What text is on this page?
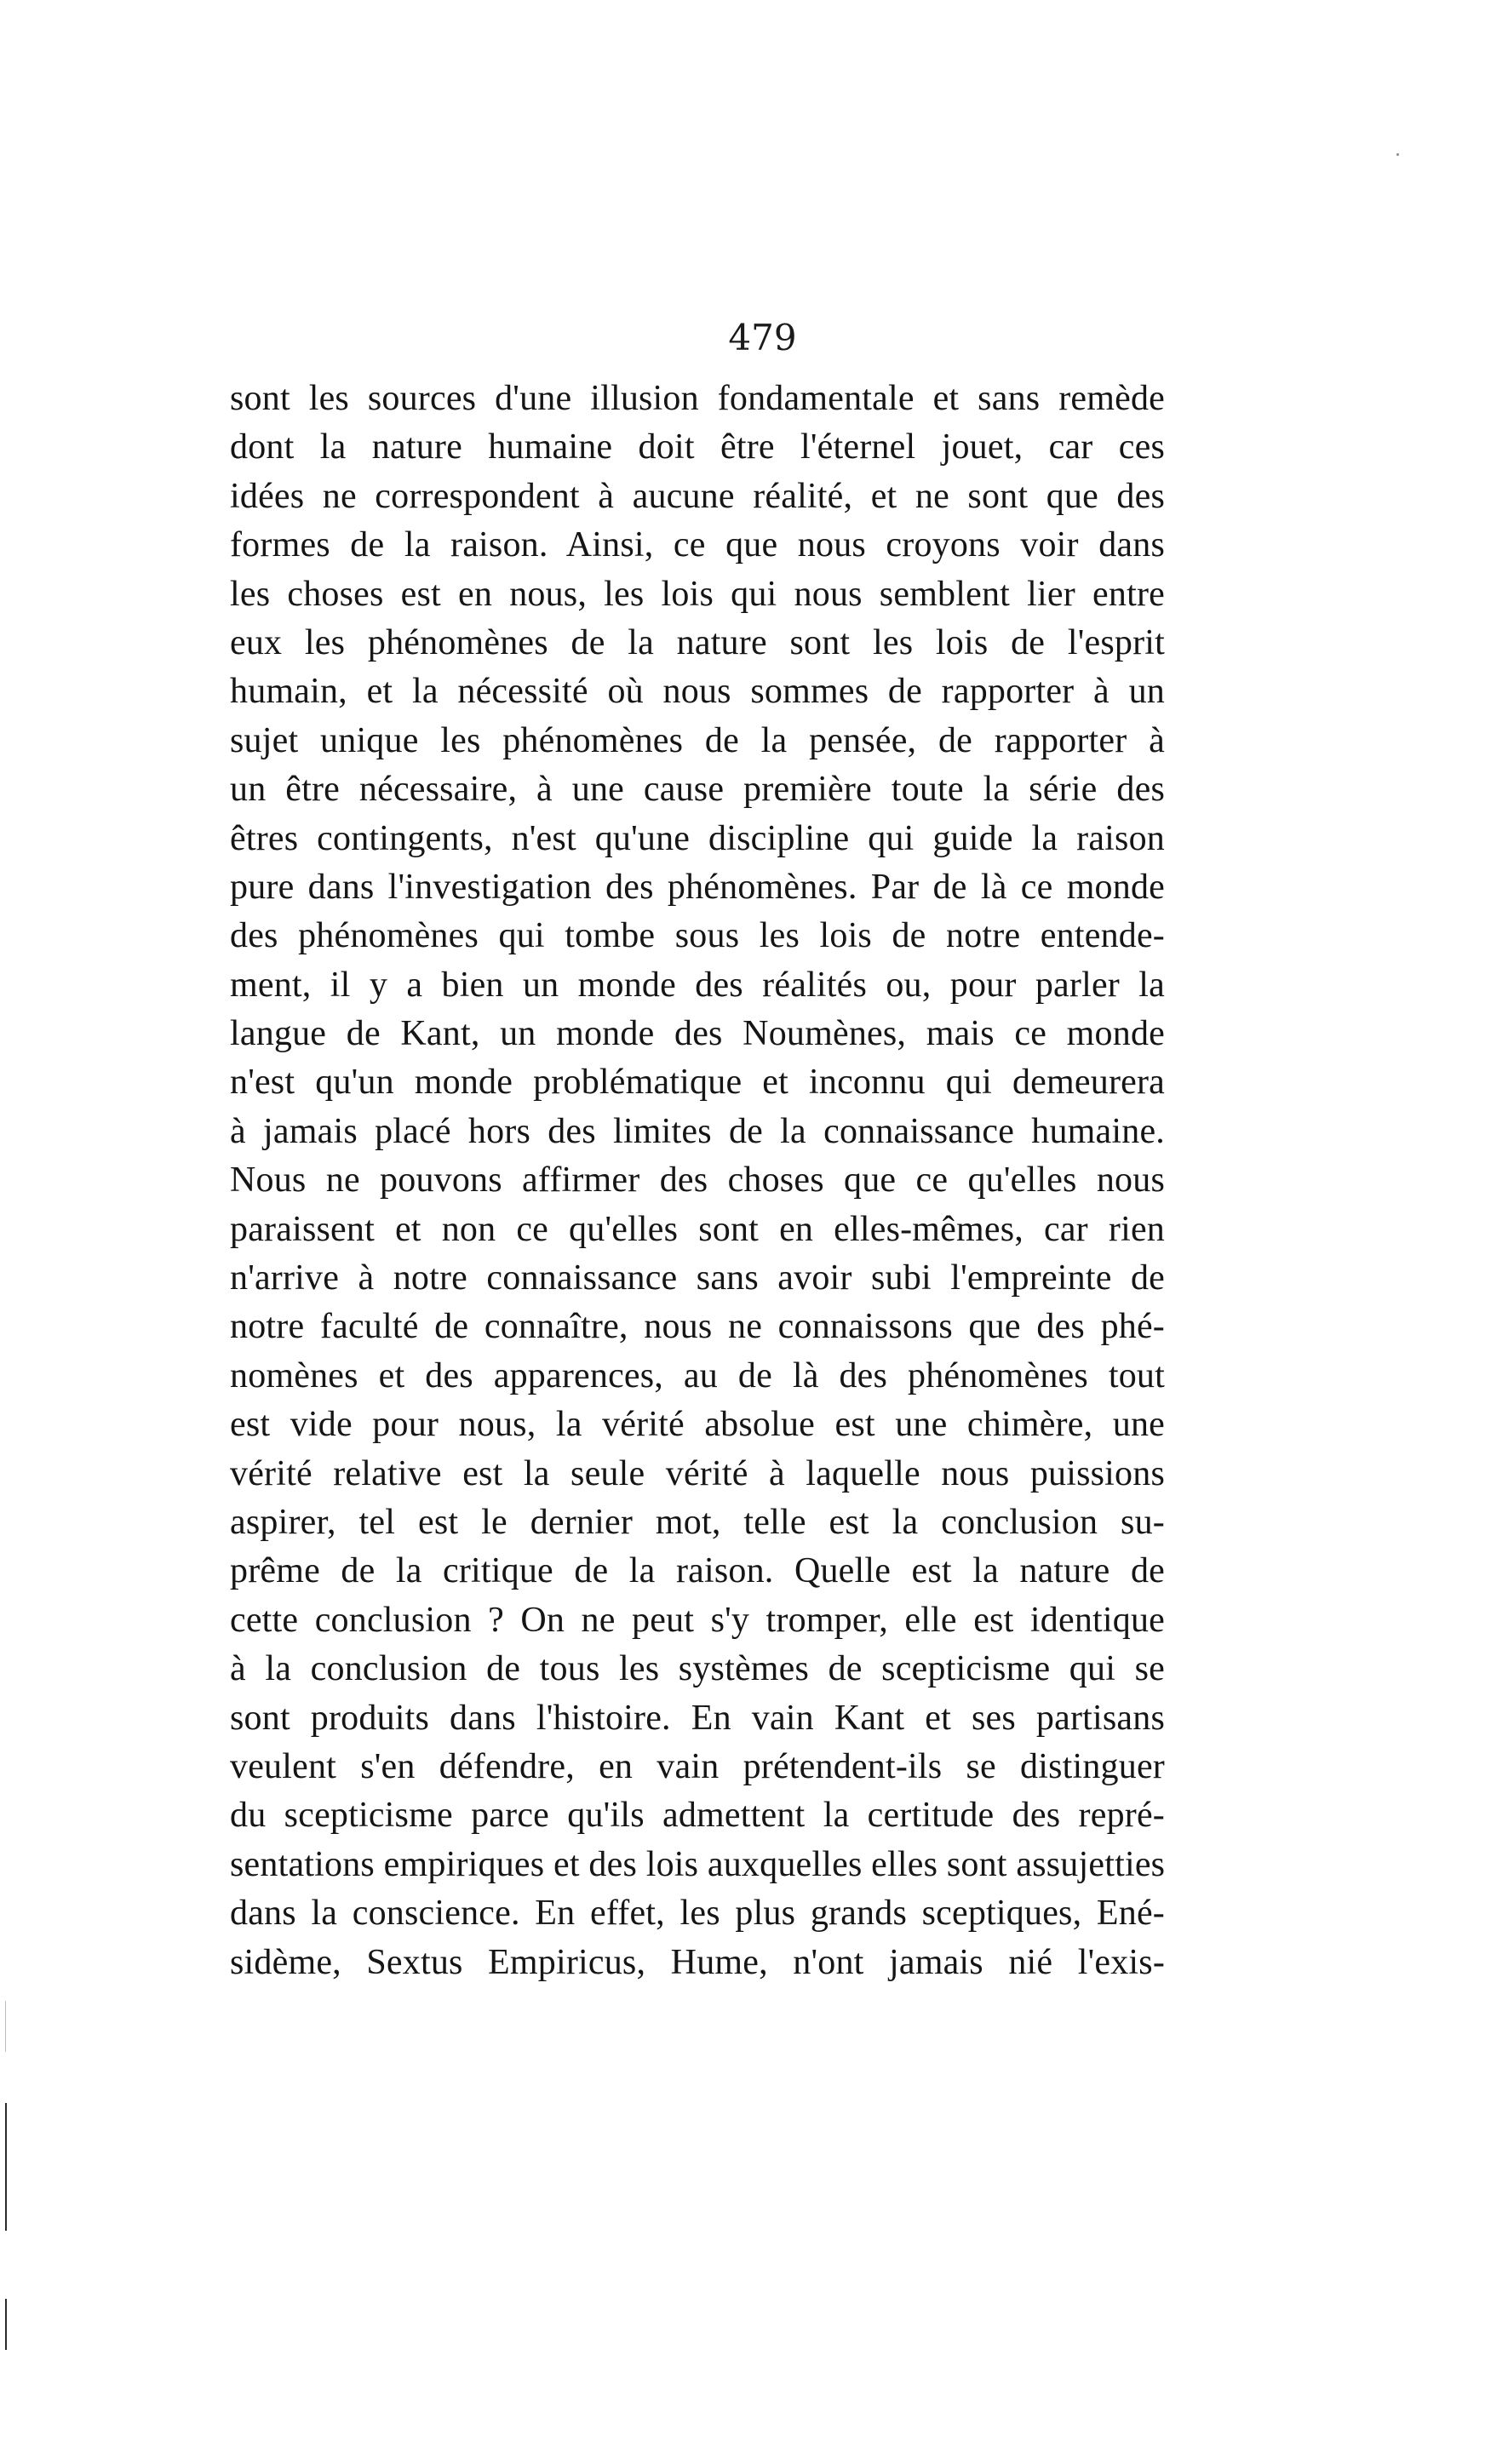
479
sont les sources d'une illusion fondamentale et sans remède
dont la nature humaine doit être l'éternel jouet, car ces
idées ne correspondent à aucune réalité, et ne sont que des
formes de la raison. Ainsi, ce que nous croyons voir dans
les choses est en nous, les lois qui nous semblent lier entre
eux les phénomènes de la nature sont les lois de l'esprit
humain, et la nécessité où nous sommes de rapporter à un
sujet unique les phénomènes de la pensée, de rapporter à
un être nécessaire, à une cause première toute la série des
êtres contingents, n'est qu'une discipline qui guide la raison
pure dans l'investigation des phénomènes. Par de là ce monde
des phénomènes qui tombe sous les lois de notre entende-
ment, il y a bien un monde des réalités ou, pour parler la
langue de Kant, un monde des Noumènes, mais ce monde
n'est qu'un monde problématique et inconnu qui demeurera
à jamais placé hors des limites de la connaissance humaine.
Nous ne pouvons affirmer des choses que ce qu'elles nous
paraissent et non ce qu'elles sont en elles-mêmes, car rien
n'arrive à notre connaissance sans avoir subi l'empreinte de
notre faculté de connaître, nous ne connaissons que des phé-
nomènes et des apparences, au de là des phénomènes tout
est vide pour nous, la vérité absolue est une chimère, une
vérité relative est la seule vérité à laquelle nous puissions
aspirer, tel est le dernier mot, telle est la conclusion su-
prême de la critique de la raison. Quelle est la nature de
cette conclusion ? On ne peut s'y tromper, elle est identique
à la conclusion de tous les systèmes de scepticisme qui se
sont produits dans l'histoire. En vain Kant et ses partisans
veulent s'en défendre, en vain prétendent-ils se distinguer
du scepticisme parce qu'ils admettent la certitude des repré-
sentations empiriques et des lois auxquelles elles sont assujetties
dans la conscience. En effet, les plus grands sceptiques, Ené-
sidème, Sextus Empiricus, Hume, n'ont jamais nié l'exis-
